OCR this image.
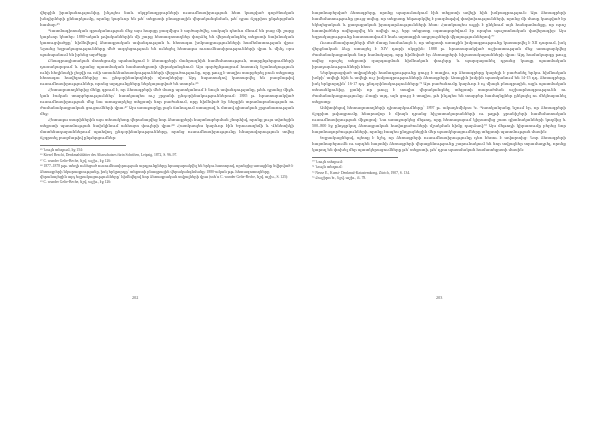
վերջին իրականությունից, ինչպես նաև սկզբնաղբյուրների ուսումնասիրության հետ կապված գործնական խնդիրների քննարկումը, որոնք կարևոր են թե՛ տեքստի բնագրային վերականգնման, թե՛ դրա ճշգրիտ ընթերցման համար:⁶⁵

Պատմագիտական գրականության մեջ այս հարցը բազմիցս է արծարծվել, սակայն դեռևս մնում են բաց մի շարք կարևոր կետեր: 1880-ական թվականներին մի շարք հետազոտողներ փորձել են վերականգնել տեքստի նախնական կառուցվածքը՝ հիմնվելով ձեռագրական ավանդության և հետագա խմբագրությունների համեմատության վրա: Նրանց եզրակացությունները մեծ ազդեցություն են ունեցել հետագա ուսումնասիրությունների վրա և մինչ օրս պահպանում են իրենց արժեքը:

Բնագրագիտական մոտեցումը պահանջում է ձեռագրերի մանրազնին համեմատություն, տարընթերցումների դասակարգում և դրանց պատմական համատեքստի վերականգնում: Այս գործընթացում հատուկ նշանակություն ունի հեղինակի լեզվի ու ոճի առանձնահատկությունների վերլուծությունը, որը թույլ է տալիս տարբերել բուն տեքստը հետագա հավելումներից ու ընդօրինակողների սխալներից: Այդ նպատակով կատարվել են բազմաթիվ ուսումնասիրություններ, որոնց արդյունքները ներկայացված են ստորև:⁶⁶

Հետազոտողներից մեկը գրում է, որ ձեռագրերի մեծ մասը պատկանում է նույն ավանդությանը, թեև դրանց միջև կան էական տարբերություններ՝ հատկապես ուշ շրջանի ընդօրինակություններում: 1885 թ. հրատարակված ուսումնասիրության մեջ նա առաջարկեց տեքստի նոր բաժանում, որը հիմնված էր ներքին տրամաբանության ու ժամանակագրական ցուցումների վրա:⁶⁷ Այս առաջարկը լայն ճանաչում ստացավ և մտավ գիտական շրջանառության մեջ:

Հետագա տարիներին այս տեսակետը վերանայվեց նոր ձեռագրերի հայտնաբերման շնորհիվ, որոնք լույս սփռեցին տեքստի պատմության նախկինում անհայտ փուլերի վրա:⁶⁸ Հատկապես կարևոր էին Երուսաղեմի և Վենետիկի մատենադարաններում պահվող ընդօրինակությունները, որոնց ուսումնասիրությունը հնարավորություն տվեց ճշգրտել բազմաթիվ ընթերցումներ:

⁶⁵ Նույն տեղում, էջ 154:
⁶⁶ Kiesel Beschi, Denkmalsblätter des Altarschatzes fürin Schriften, Leipzig, 1872, S. 96–97.
⁶⁷ C. wunder Gelte-Beche, նշվ. աշխ., էջ 126:
⁶⁸ 1877–1878 թթ. տեղի ունեցած ուսումնասիրության արդյունքները հրապարակվել են երկու հատորով, որոնցից առաջինը նվիրված է ձեռագրերի նկարագրությանը, իսկ երկրորդը՝ տեքստի բնագրային վերականգնմանը: 1880-ական թթ. հետազոտողները վերանայեցին այդ եզրակացությունները՝ հիմնվելով նոր ձեռագրական տվյալների վրա (տե՛ս C. wunder Gelte-Beche, նշվ. աշխ., S. 125):
⁶⁹ C. wunder Gelte-Beche, նշվ. աշխ., էջ 126:
202

հայտնաբերված ձեռագրերը, որոնք պարունակում էին տեքստի ավելի հին խմբագրություն: Այս ձեռագրերի համեմատությունը ցույց տվեց, որ տեքստը ենթարկվել է բազմաթիվ փոփոխությունների, որոնց մի մասը կապված էր եկեղեցական և քաղաքական իրադարձությունների հետ: Հատկապես աչքի է ընկնում այն հանգամանքը, որ որոշ հատվածներ ավելացվել են ավելի ուշ, երբ տեքստը օգտագործվում էր որպես պաշտոնական վավերագիր: Այս եզրակացությունը հաստատվում է նաև արտաքին աղբյուրների վկայություններով:⁷⁰

Ուսումնասիրողների մեծ մասը համաձայն է, որ տեքստի առաջին խմբագրությունը կատարվել է XII դարում, իսկ վերջնական ձևը ստացել է XIV դարի սկզբին: 1888 թ. հրատարակված աշխատության մեջ առաջարկվեց ժամանակագրական նոր համակարգ, որը հիմնված էր ձեռագրերի հիշատակարանների վրա: Այդ համակարգը թույլ տվեց որոշել տեքստի զարգացման հիմնական փուլերը և պարզաբանել դրանց կապը պատմական իրադարձությունների հետ:

Ներկայացված տվյալների համադրությունը ցույց է տալիս, որ ձեռագրերը կարելի է բաժանել երկու հիմնական խմբի՝ ավելի հին և ավելի ուշ խմբագրությունների ձեռագրերի: Առաջին խմբին պատկանում են 14-15 դդ. ձեռագրերը, իսկ երկրորդին՝ 16-17 դդ. ընդօրինակությունները:⁷¹ Այս բաժանումը կարևոր է ոչ միայն բնագրային, այլև պատմական տեսանկյունից, քանի որ թույլ է տալիս վերականգնել տեքստի տարածման աշխարհագրությունն ու ժամանակագրությունը: Բացի այդ, այն ցույց է տալիս, թե ինչպես են տարբեր համայնքներ ընկալել ու մեկնաբանել տեքստը:

Ամփոփելով հետազոտողների դիտարկումները՝ 1897 թ. ակադեմիկոս Կ. Պատկանյանը նշում էր, որ ձեռագրերի ճշգրիտ թվագրումը հնարավոր է միայն դրանց հիշատակարանների ու թղթի ջրանիշերի համեմատական ուսումնասիրության միջոցով: Նա առաջարկեց մեթոդ, որը հետագայում կիրառվեց շատ գիտնականների կողմից և 500–800 էջ ընդգրկող ձեռագրական հավաքածուների մշակման հիմք դարձավ:⁷² Այս մեթոդի կիրառումը բերեց նոր հայտնագործությունների, որոնք էապես ընդլայնեցին մեր պատկերացումները տեքստի պատմության մասին:

Եզրակացնելով, պետք է նշել, որ ձեռագրերի ուսումնասիրությունը դեռ հեռու է ավարտից: Նոր ձեռագրերի հայտնաբերումն ու արդեն հայտնի ձեռագրերի վերաքննությունը շարունակում են նոր տվյալներ տրամադրել, որոնք կարող են փոխել մեր պատկերացումները թե՛ տեքստի, թե՛ դրա պատմական համատեքստի մասին:

⁷⁰ Նույն տեղում:
⁷¹ Նույն տեղում:
⁷² Nesse E., Kunst- Denkmal-Katastemkong, Zürich, 1907, S. 134.
⁷³ Բաշիրո Ե., նշվ. աշխ., Տ. 78.
203
